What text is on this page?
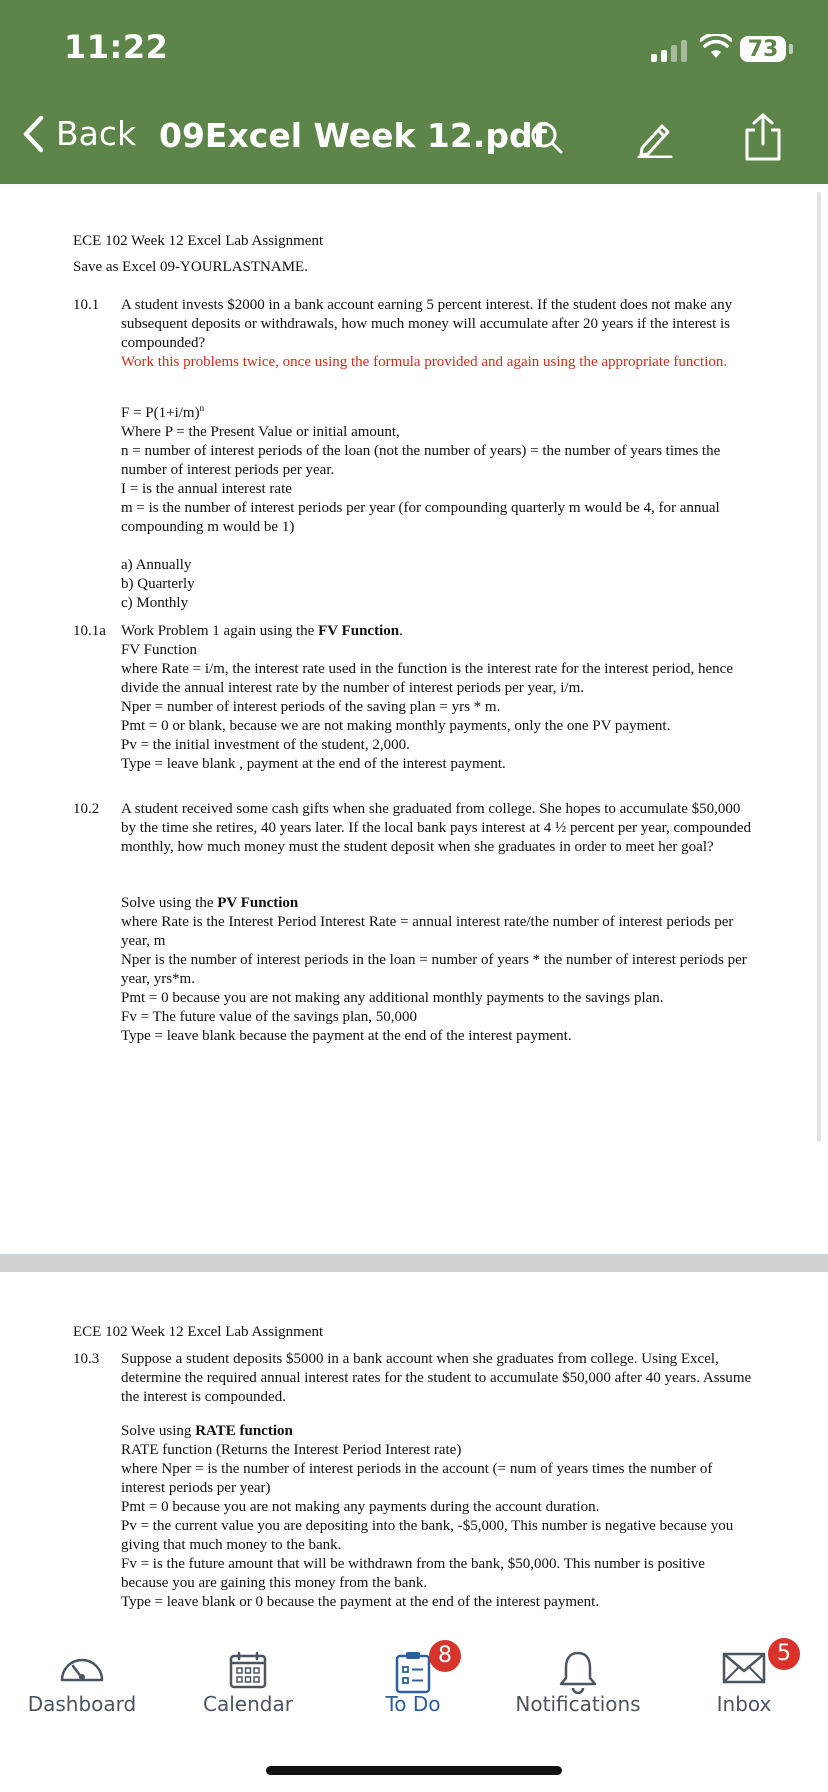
11:22	73
Back 09Excel Week 12.pdf
ECE 102 Week 12 Excel Lab Assignment
Save as Excel 09-YOURLASTNAME.
10.1 A student invests $2000 in a bank account earning 5 percent interest. If the student does not make any subsequent deposits or withdrawals, how much money will accumulate after 20 years if the interest is compounded?

Work this problems twice, once using the formula provided and again using the appropriate function.

$F = P(1+i/m)^n$

Where P = the Present Value or initial amount,

n = number of interest periods of the loan (not the number of years) = the number of years times the number of interest periods per year.

I = is the annual interest rate

m = is the number of interest periods per year (for compounding quarterly m would be 4, for annual compounding m would be 1)

a) Annually
b) Quarterly
c) Monthly
10.1a Work Problem 1 again using the FV Function.

FV Function

where Rate = i/m, the interest rate used in the function is the interest rate for the interest period, hence divide the annual interest rate by the number of interest periods per year, i/m.

Nper = number of interest periods of the saving plan = yrs * m.

Pmt = 0 or blank, because we are not making monthly payments, only the one PV payment.

Pv = the initial investment of the student, 2,000.

Type = leave blank , payment at the end of the interest payment.

10.2 A student received some cash gifts when she graduated from college. She hopes to accumulate $50,000 by the time she retires, 40 years later. If the local bank pays interest at 4 ½ percent per year, compounded monthly, how much money must the student deposit when she graduates in order to meet her goal?

Solve using the PV Function

where Rate is the Interest Period Interest Rate = annual interest rate/the number of interest periods per year, m

Nper is the number of interest periods in the loan = number of years * the number of interest periods per year, yrs*m.

Pmt = 0 because you are not making any additional monthly payments to the savings plan.

Fv = The future value of the savings plan, 50,000

Type = leave blank because the payment at the end of the interest payment.

ECE 102 Week 12 Excel Lab Assignment
10.3 Suppose a student deposits $5000 in a bank account when she graduates from college. Using Excel, determine the required annual interest rates for the student to accumulate $50,000 after 40 years. Assume the interest is compounded.

Solve using RATE function

RATE function (Returns the Interest Period Interest rate)

where Nper = is the number of interest periods in the account (= num of years times the number of interest periods per year)

Pmt = 0 because you are not making any payments during the account duration.

Pv = the current value you are depositing into the bank, -$5,000, This number is negative because you giving that much money to the bank.

Fv = is the future amount that will be withdrawn from the bank, $50,000. This number is positive because you are gaining this money from the bank.

Type = leave blank or 0 because the payment at the end of the interest payment.

Dashboard	Calendar
8
To Do	Notifications
5
Inbox
